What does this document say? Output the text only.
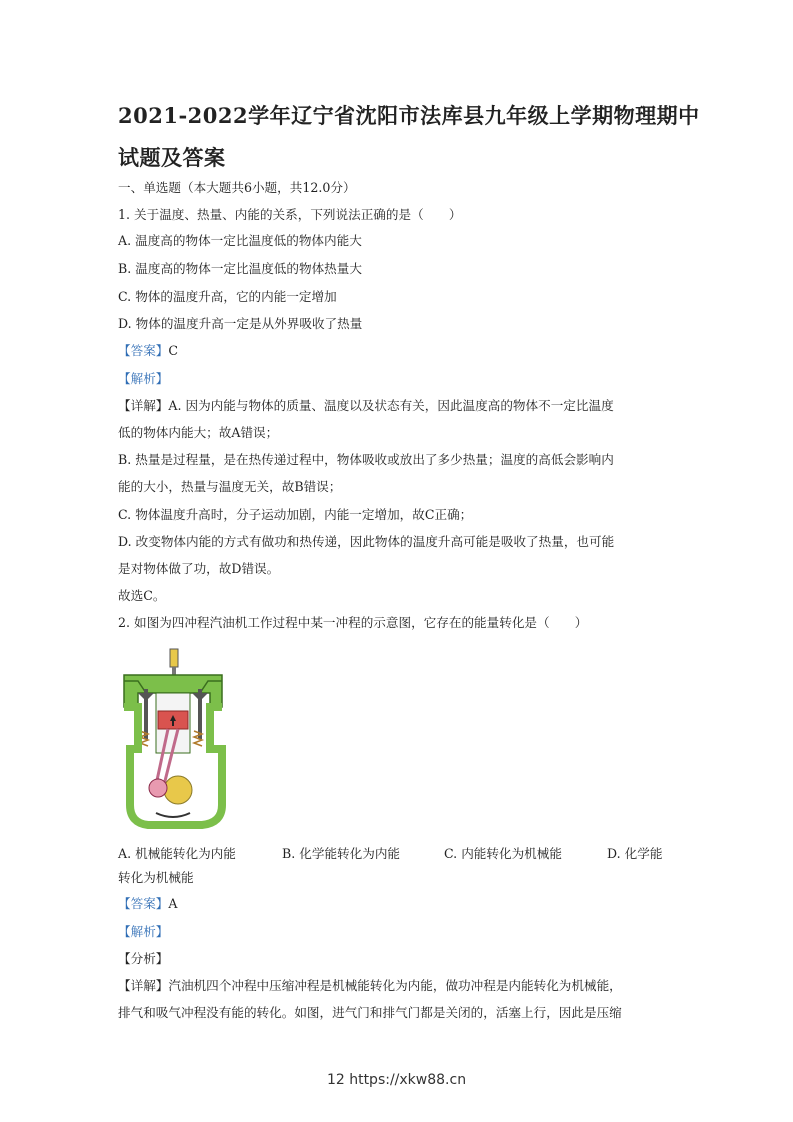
2021-2022学年辽宁省沈阳市法库县九年级上学期物理期中
试题及答案
一、单选题（本大题共6小题，共12.0分）
1. 关于温度、热量、内能的关系，下列说法正确的是（　　）
A. 温度高的物体一定比温度低的物体内能大
B. 温度高的物体一定比温度低的物体热量大
C. 物体的温度升高，它的内能一定增加
D. 物体的温度升高一定是从外界吸收了热量
【答案】C
【解析】
【详解】A. 因为内能与物体的质量、温度以及状态有关，因此温度高的物体不一定比温度
低的物体内能大；故A错误；
B. 热量是过程量，是在热传递过程中，物体吸收或放出了多少热量；温度的高低会影响内
能的大小，热量与温度无关，故B错误；
C. 物体温度升高时，分子运动加剧，内能一定增加，故C正确；
D. 改变物体内能的方式有做功和热传递，因此物体的温度升高可能是吸收了热量，也可能
是对物体做了功，故D错误。
故选C。
2. 如图为四冲程汽油机工作过程中某一冲程的示意图，它存在的能量转化是（　　）
A. 机械能转化为内能	B. 化学能转化为内能	C. 内能转化为机械能	D. 化学能
转化为机械能
【答案】A
【解析】
【分析】
【详解】汽油机四个冲程中压缩冲程是机械能转化为内能，做功冲程是内能转化为机械能，
排气和吸气冲程没有能的转化。如图，进气门和排气门都是关闭的，活塞上行，因此是压缩
12 https://xkw88.cn
